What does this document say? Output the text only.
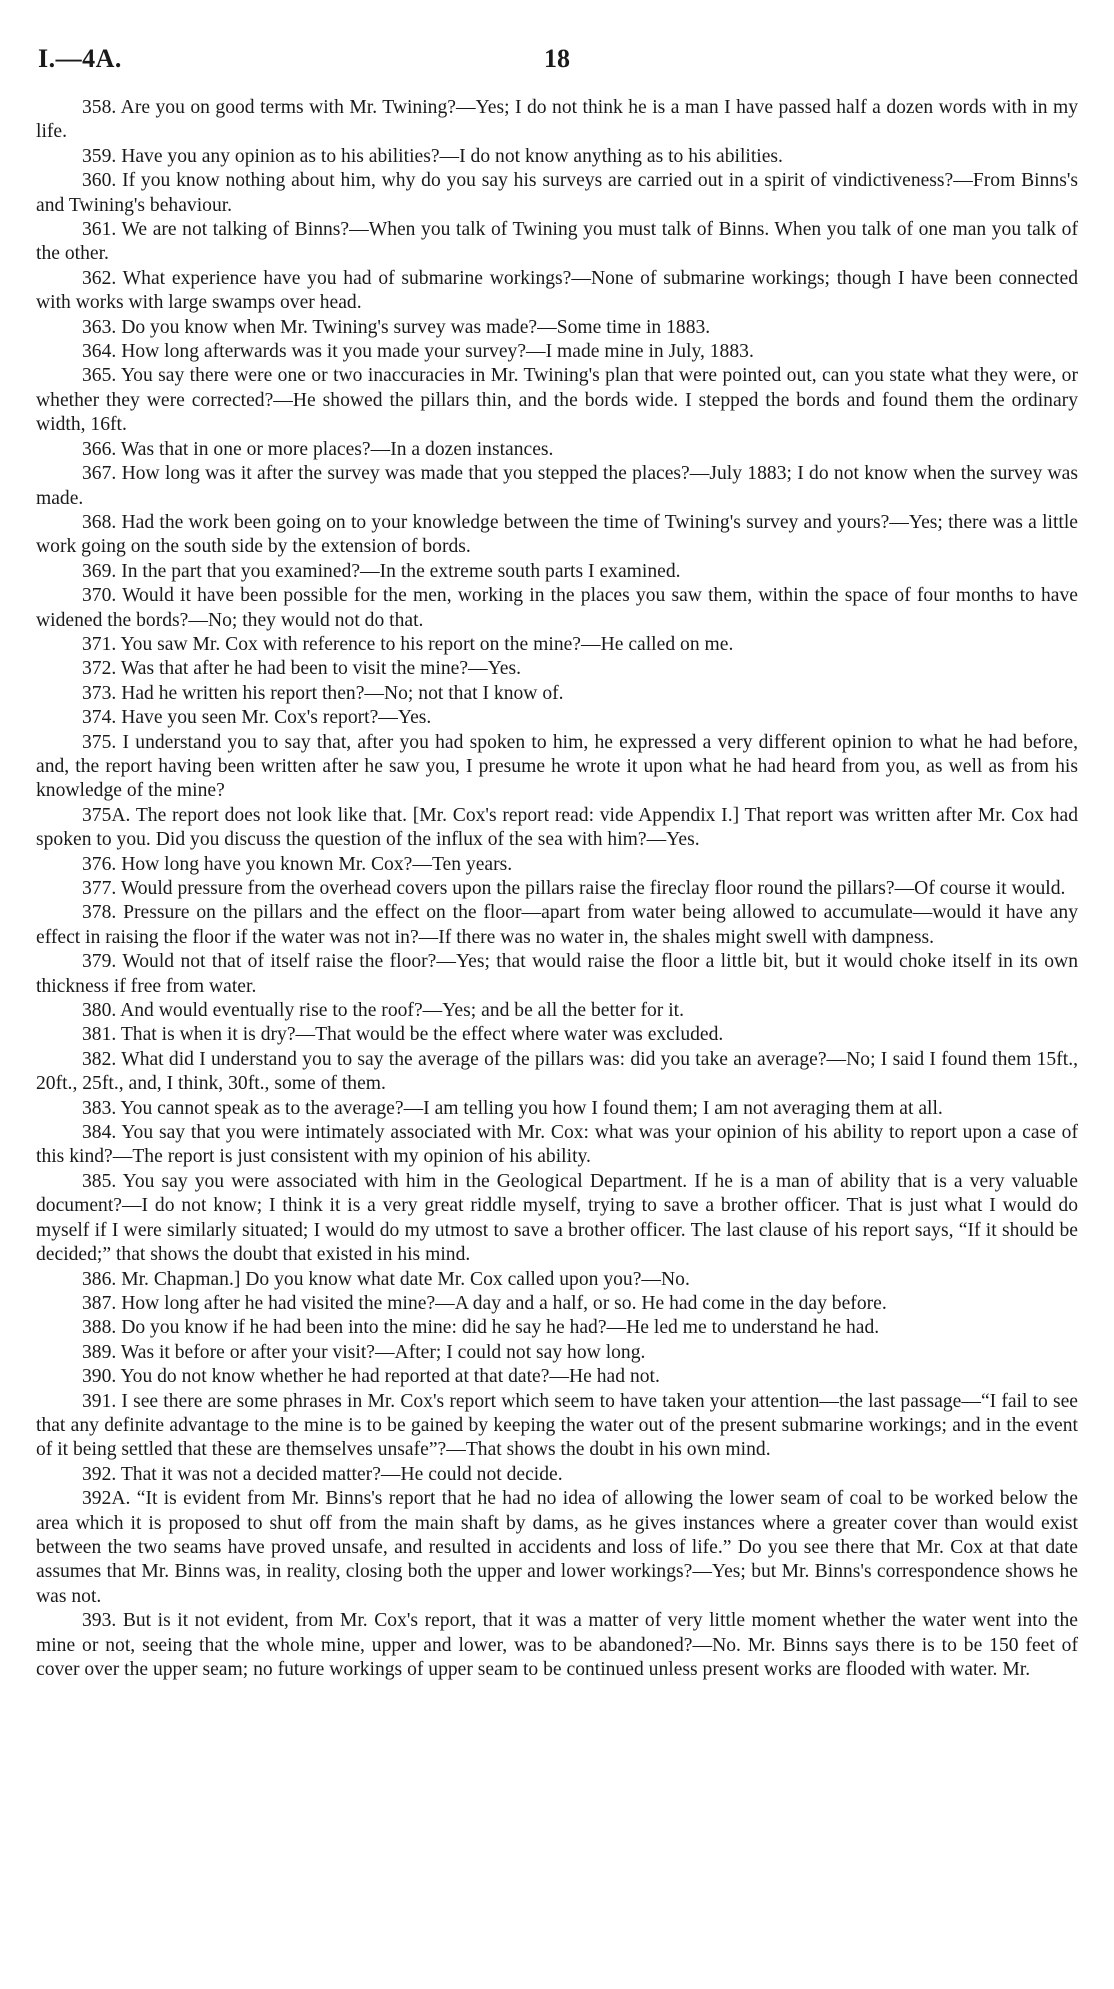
I.—4A.	18

358. Are you on good terms with Mr. Twining?—Yes; I do not think he is a man I have passed half a dozen words with in my life.

359. Have you any opinion as to his abilities?—I do not know anything as to his abilities.

360. If you know nothing about him, why do you say his surveys are carried out in a spirit of vindictiveness?—From Binns's and Twining's behaviour.

361. We are not talking of Binns?—When you talk of Twining you must talk of Binns. When you talk of one man you talk of the other.

362. What experience have you had of submarine workings?—None of submarine workings; though I have been connected with works with large swamps over head.

363. Do you know when Mr. Twining's survey was made?—Some time in 1883.

364. How long afterwards was it you made your survey?—I made mine in July, 1883.

365. You say there were one or two inaccuracies in Mr. Twining's plan that were pointed out, can you state what they were, or whether they were corrected?—He showed the pillars thin, and the bords wide. I stepped the bords and found them the ordinary width, 16ft.

366. Was that in one or more places?—In a dozen instances.

367. How long was it after the survey was made that you stepped the places?—July 1883; I do not know when the survey was made.

368. Had the work been going on to your knowledge between the time of Twining's survey and yours?—Yes; there was a little work going on the south side by the extension of bords.

369. In the part that you examined?—In the extreme south parts I examined.

370. Would it have been possible for the men, working in the places you saw them, within the space of four months to have widened the bords?—No; they would not do that.

371. You saw Mr. Cox with reference to his report on the mine?—He called on me.

372. Was that after he had been to visit the mine?—Yes.

373. Had he written his report then?—No; not that I know of.

374. Have you seen Mr. Cox's report?—Yes.

375. I understand you to say that, after you had spoken to him, he expressed a very different opinion to what he had before, and, the report having been written after he saw you, I presume he wrote it upon what he had heard from you, as well as from his knowledge of the mine?

375A. The report does not look like that. [Mr. Cox's report read: vide Appendix I.] That report was written after Mr. Cox had spoken to you. Did you discuss the question of the influx of the sea with him?—Yes.

376. How long have you known Mr. Cox?—Ten years.

377. Would pressure from the overhead covers upon the pillars raise the fireclay floor round the pillars?—Of course it would.

378. Pressure on the pillars and the effect on the floor—apart from water being allowed to accumulate—would it have any effect in raising the floor if the water was not in?—If there was no water in, the shales might swell with dampness.

379. Would not that of itself raise the floor?—Yes; that would raise the floor a little bit, but it would choke itself in its own thickness if free from water.

380. And would eventually rise to the roof?—Yes; and be all the better for it.

381. That is when it is dry?—That would be the effect where water was excluded.

382. What did I understand you to say the average of the pillars was: did you take an average?—No; I said I found them 15ft., 20ft., 25ft., and, I think, 30ft., some of them.

383. You cannot speak as to the average?—I am telling you how I found them; I am not averaging them at all.

384. You say that you were intimately associated with Mr. Cox: what was your opinion of his ability to report upon a case of this kind?—The report is just consistent with my opinion of his ability.

385. You say you were associated with him in the Geological Department. If he is a man of ability that is a very valuable document?—I do not know; I think it is a very great riddle myself, trying to save a brother officer. That is just what I would do myself if I were similarly situated; I would do my utmost to save a brother officer. The last clause of his report says, “If it should be decided;” that shows the doubt that existed in his mind.

386. Mr. Chapman.] Do you know what date Mr. Cox called upon you?—No.

387. How long after he had visited the mine?—A day and a half, or so. He had come in the day before.

388. Do you know if he had been into the mine: did he say he had?—He led me to understand he had.

389. Was it before or after your visit?—After; I could not say how long.

390. You do not know whether he had reported at that date?—He had not.

391. I see there are some phrases in Mr. Cox's report which seem to have taken your attention—the last passage—“I fail to see that any definite advantage to the mine is to be gained by keeping the water out of the present submarine workings; and in the event of it being settled that these are themselves unsafe”?—That shows the doubt in his own mind.

392. That it was not a decided matter?—He could not decide.

392A. “It is evident from Mr. Binns's report that he had no idea of allowing the lower seam of coal to be worked below the area which it is proposed to shut off from the main shaft by dams, as he gives instances where a greater cover than would exist between the two seams have proved unsafe, and resulted in accidents and loss of life.” Do you see there that Mr. Cox at that date assumes that Mr. Binns was, in reality, closing both the upper and lower workings?—Yes; but Mr. Binns's correspondence shows he was not.

393. But is it not evident, from Mr. Cox's report, that it was a matter of very little moment whether the water went into the mine or not, seeing that the whole mine, upper and lower, was to be abandoned?—No. Mr. Binns says there is to be 150 feet of cover over the upper seam; no future workings of upper seam to be continued unless present works are flooded with water. Mr.
